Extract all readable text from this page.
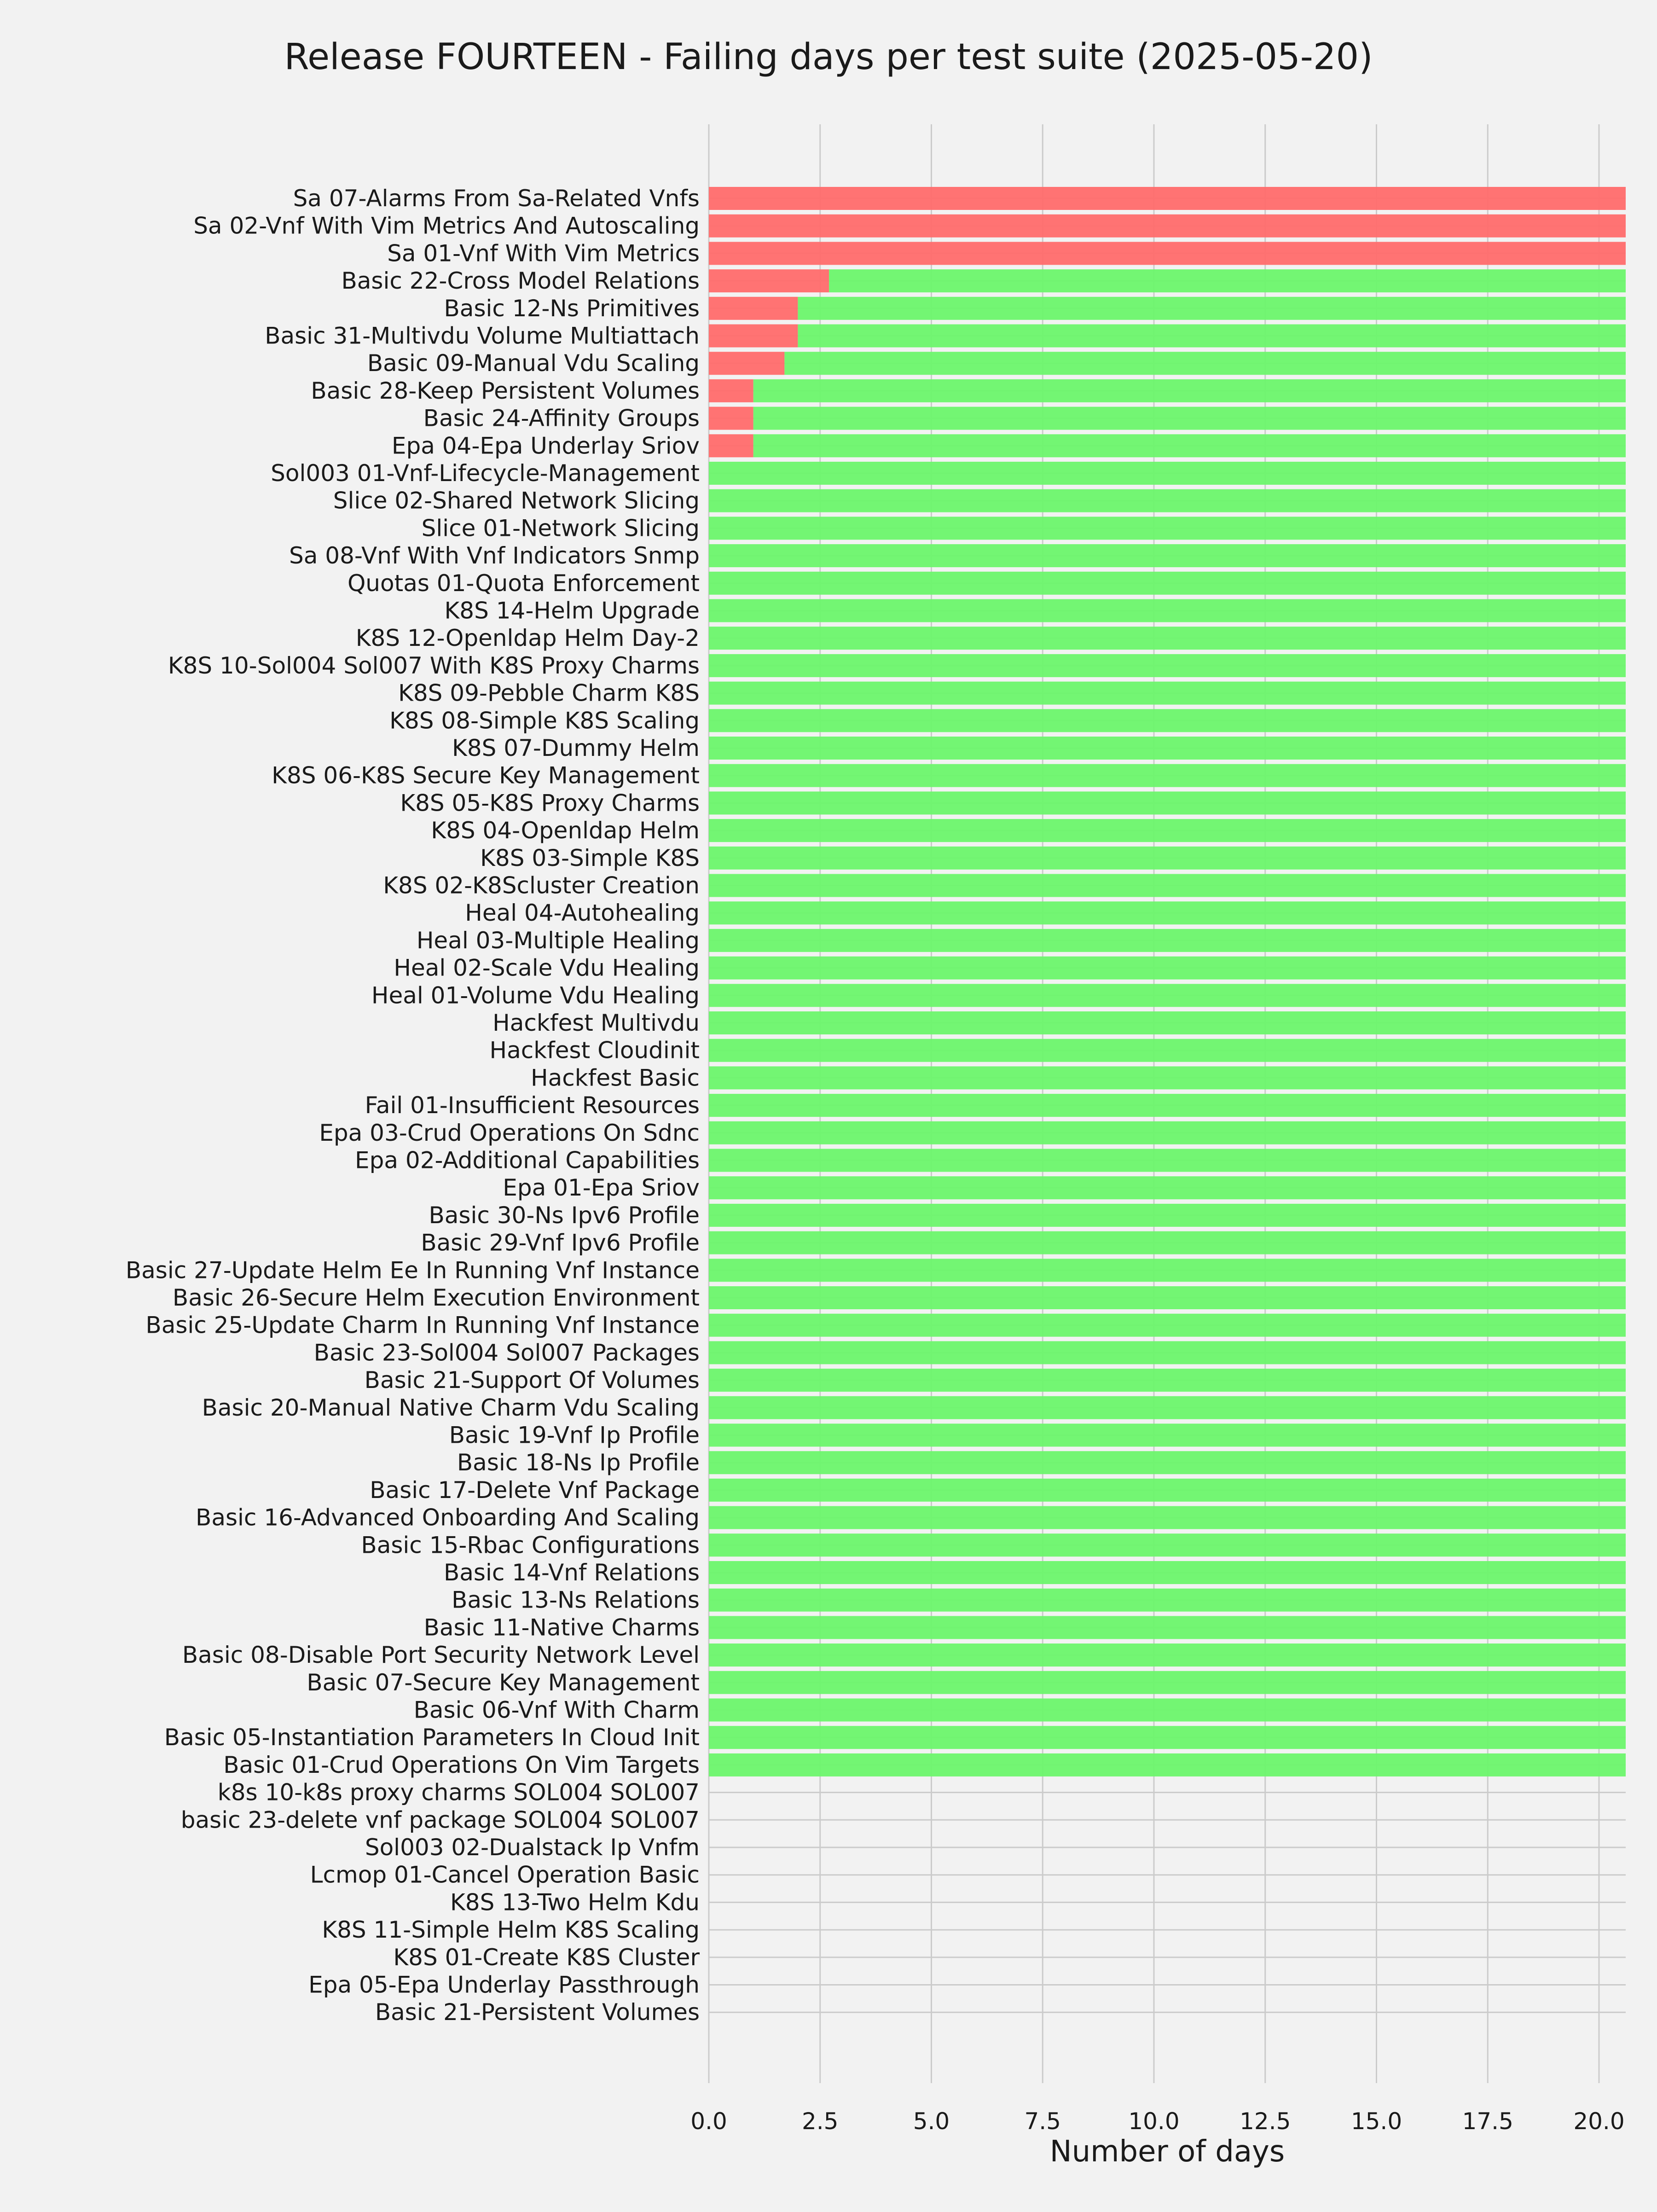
Release FOURTEEN - Failing days per test suite (2025-05-20)
Sa 07-Alarms From Sa-Related Vnfs
Sa 02-Vnf With Vim Metrics And Autoscaling
Sa 01-Vnf With Vim Metrics
Basic 22-Cross Model Relations
Basic 12-Ns Primitives
Basic 31-Multivdu Volume Multiattach
Basic 09-Manual Vdu Scaling
Basic 28-Keep Persistent Volumes
Basic 24-Affinity Groups
Epa 04-Epa Underlay Sriov
Sol003 01-Vnf-Lifecycle-Management
Slice 02-Shared Network Slicing
Slice 01-Network Slicing
Sa 08-Vnf With Vnf Indicators Snmp
Quotas 01-Quota Enforcement
K8S 14-Helm Upgrade
K8S 12-Openldap Helm Day-2
K8S 10-Sol004 Sol007 With K8S Proxy Charms
K8S 09-Pebble Charm K8S
K8S 08-Simple K8S Scaling
K8S 07-Dummy Helm
K8S 06-K8S Secure Key Management
K8S 05-K8S Proxy Charms
K8S 04-Openldap Helm
K8S 03-Simple K8S
K8S 02-K8Scluster Creation
Heal 04-Autohealing
Heal 03-Multiple Healing
Heal 02-Scale Vdu Healing
Heal 01-Volume Vdu Healing
Hackfest Multivdu
Hackfest Cloudinit
Hackfest Basic
Fail 01-Insufficient Resources
Epa 03-Crud Operations On Sdnc
Epa 02-Additional Capabilities
Epa 01-Epa Sriov
Basic 30-Ns Ipv6 Profile
Basic 29-Vnf Ipv6 Profile
Basic 27-Update Helm Ee In Running Vnf Instance
Basic 26-Secure Helm Execution Environment
Basic 25-Update Charm In Running Vnf Instance
Basic 23-Sol004 Sol007 Packages
Basic 21-Support Of Volumes
Basic 20-Manual Native Charm Vdu Scaling
Basic 19-Vnf Ip Profile
Basic 18-Ns Ip Profile
Basic 17-Delete Vnf Package
Basic 16-Advanced Onboarding And Scaling
Basic 15-Rbac Configurations
Basic 14-Vnf Relations
Basic 13-Ns Relations
Basic 11-Native Charms
Basic 08-Disable Port Security Network Level
Basic 07-Secure Key Management
Basic 06-Vnf With Charm
Basic 05-Instantiation Parameters In Cloud Init
Basic 01-Crud Operations On Vim Targets
k8s 10-k8s proxy charms SOL004 SOL007
basic 23-delete vnf package SOL004 SOL007
Sol003 02-Dualstack Ip Vnfm
Lcmop 01-Cancel Operation Basic
K8S 13-Two Helm Kdu
K8S 11-Simple Helm K8S Scaling
K8S 01-Create K8S Cluster
Epa 05-Epa Underlay Passthrough
Basic 21-Persistent Volumes
0.0	2.5	5.0	7.5	10.0	12.5	15.0	17.5	20.0
Number of days
